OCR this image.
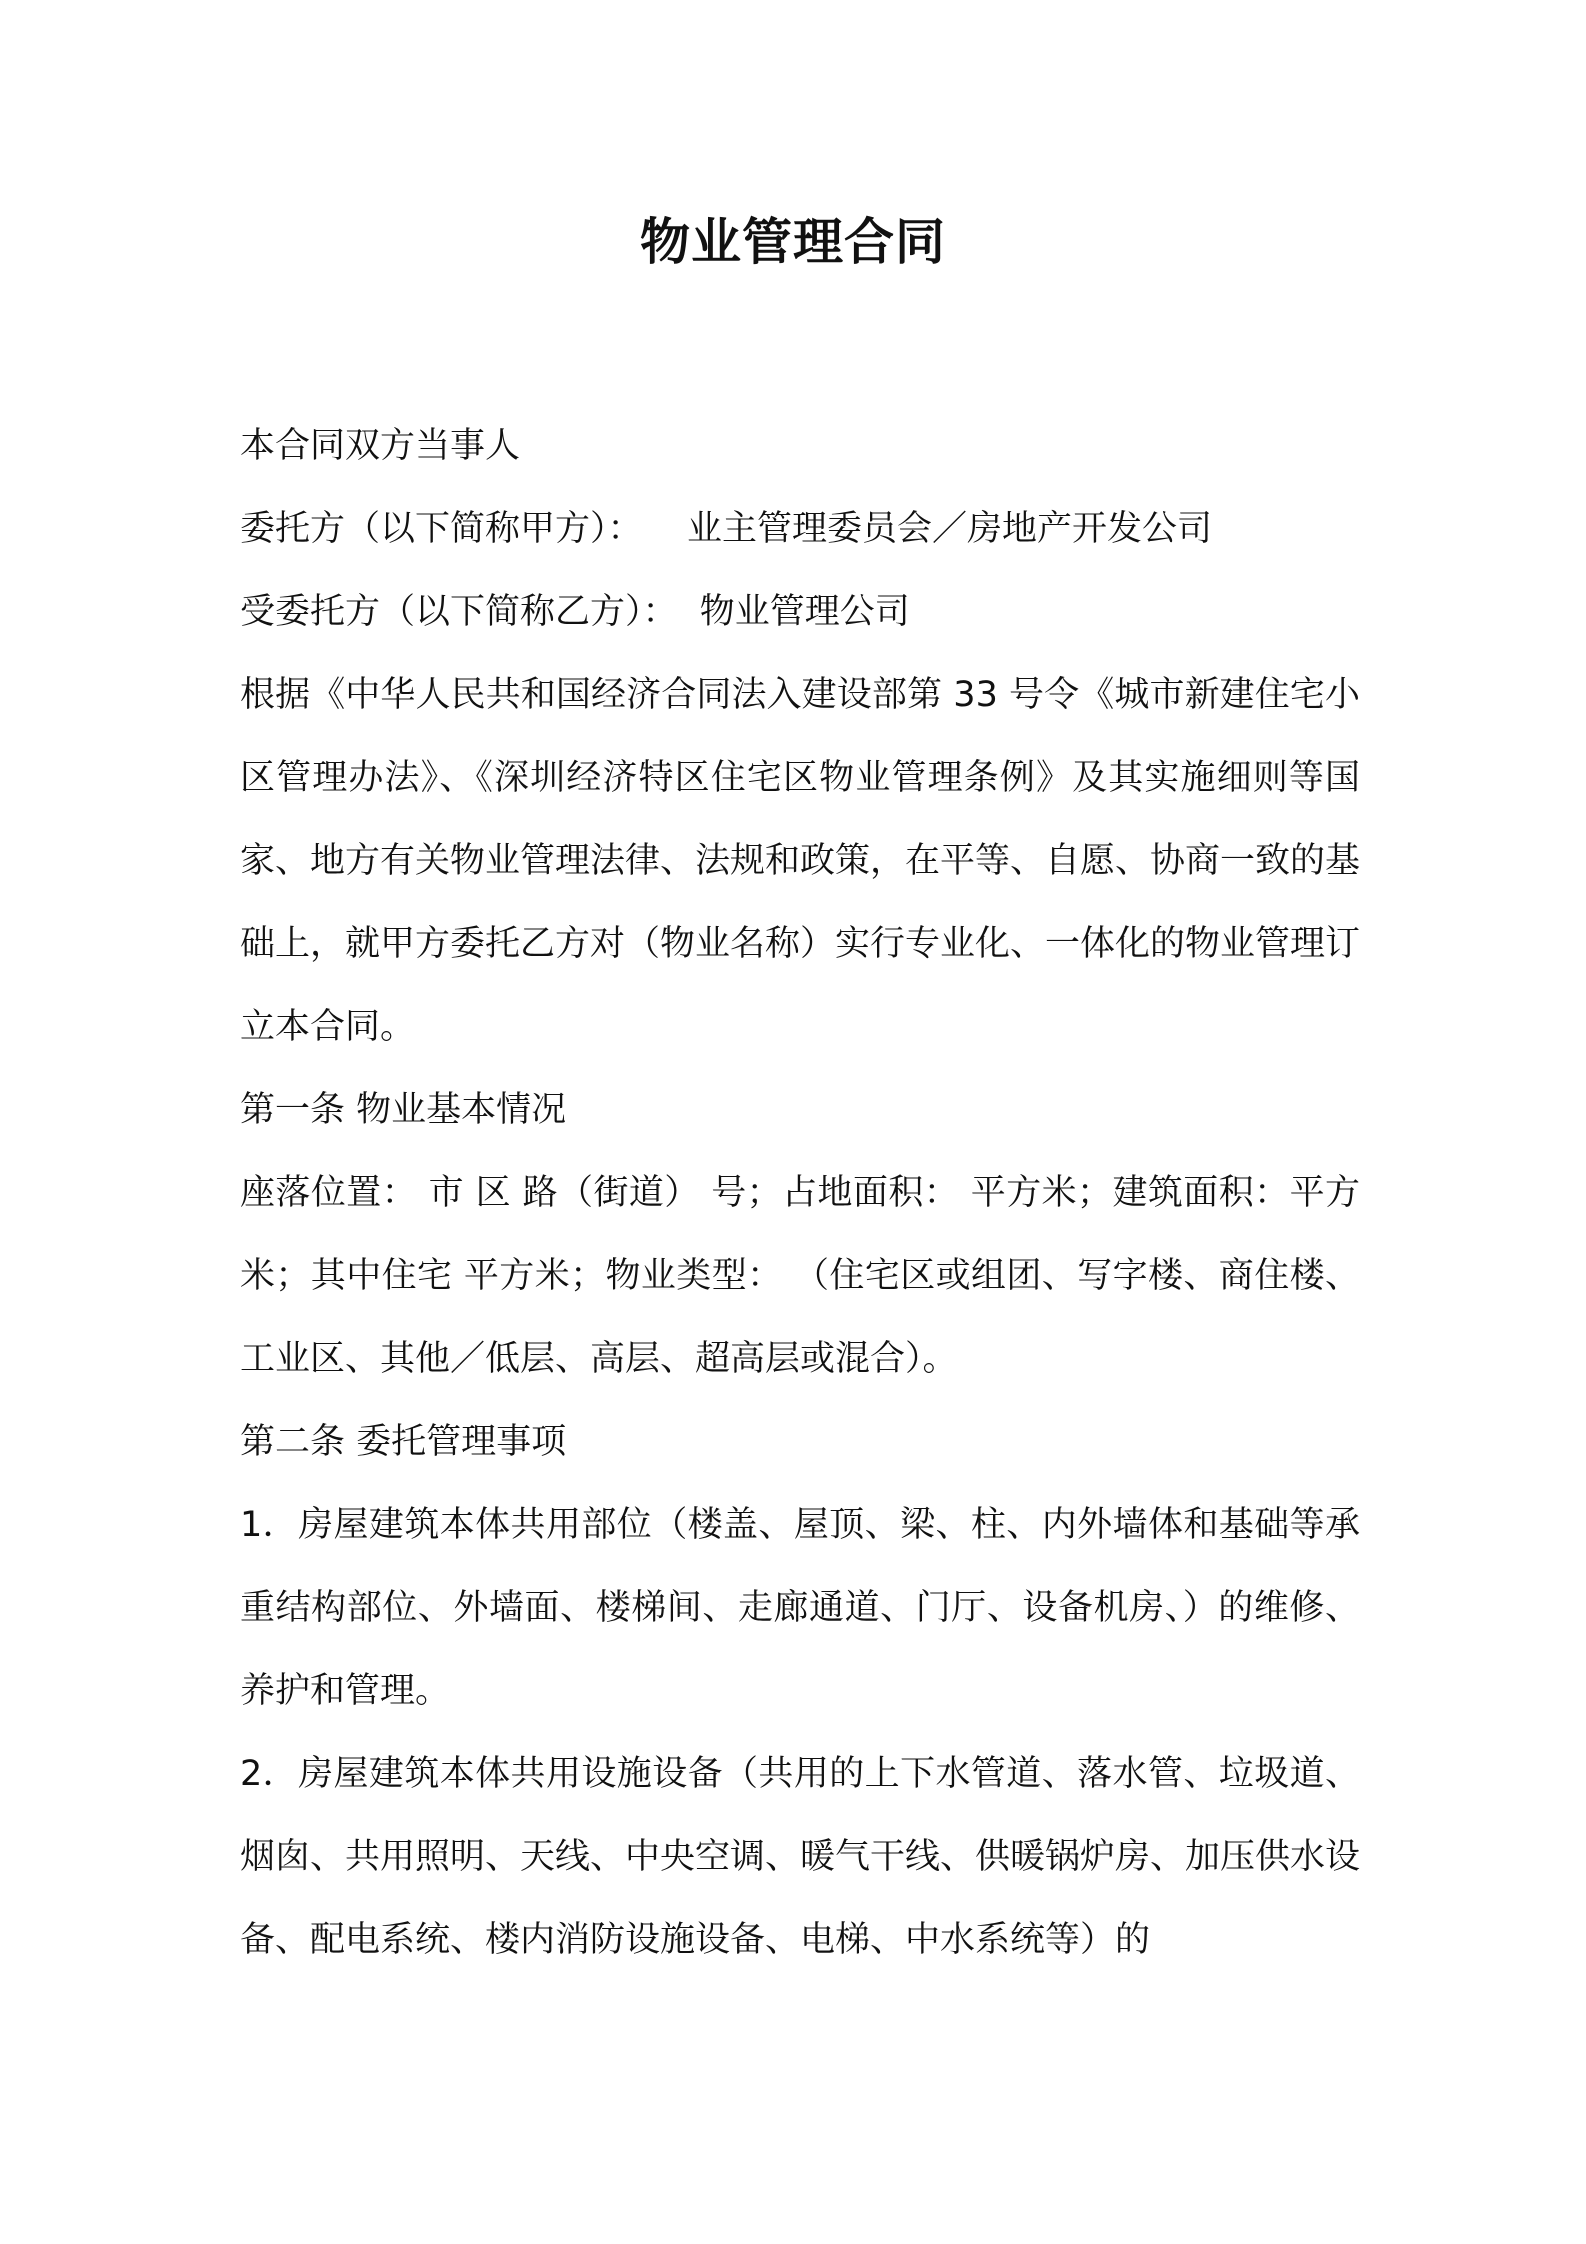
物业管理合同

本合同双方当事人

委托方（以下简称甲方）：    业主管理委员会／房地产开发公司

受委托方（以下简称乙方）：  物业管理公司

根据《中华人民共和国经济合同法入建设部第 33 号令《城市新建住宅小区管理办法》、《深圳经济特区住宅区物业管理条例》及其实施细则等国家、地方有关物业管理法律、法规和政策，在平等、自愿、协商一致的基础上，就甲方委托乙方对（物业名称）实行专业化、一体化的物业管理订立本合同。

第一条 物业基本情况

座落位置： 市 区 路（街道） 号；占地面积： 平方米；建筑面积：平方米；其中住宅 平方米；物业类型： （住宅区或组团、写字楼、商住楼、工业区、其他／低层、高层、超高层或混合）。

第二条 委托管理事项

1．房屋建筑本体共用部位（楼盖、屋顶、梁、柱、内外墙体和基础等承重结构部位、外墙面、楼梯间、走廊通道、门厅、设备机房、）的维修、养护和管理。

2．房屋建筑本体共用设施设备（共用的上下水管道、落水管、垃圾道、烟囱、共用照明、天线、中央空调、暖气干线、供暖锅炉房、加压供水设备、配电系统、楼内消防设施设备、电梯、中水系统等）的
